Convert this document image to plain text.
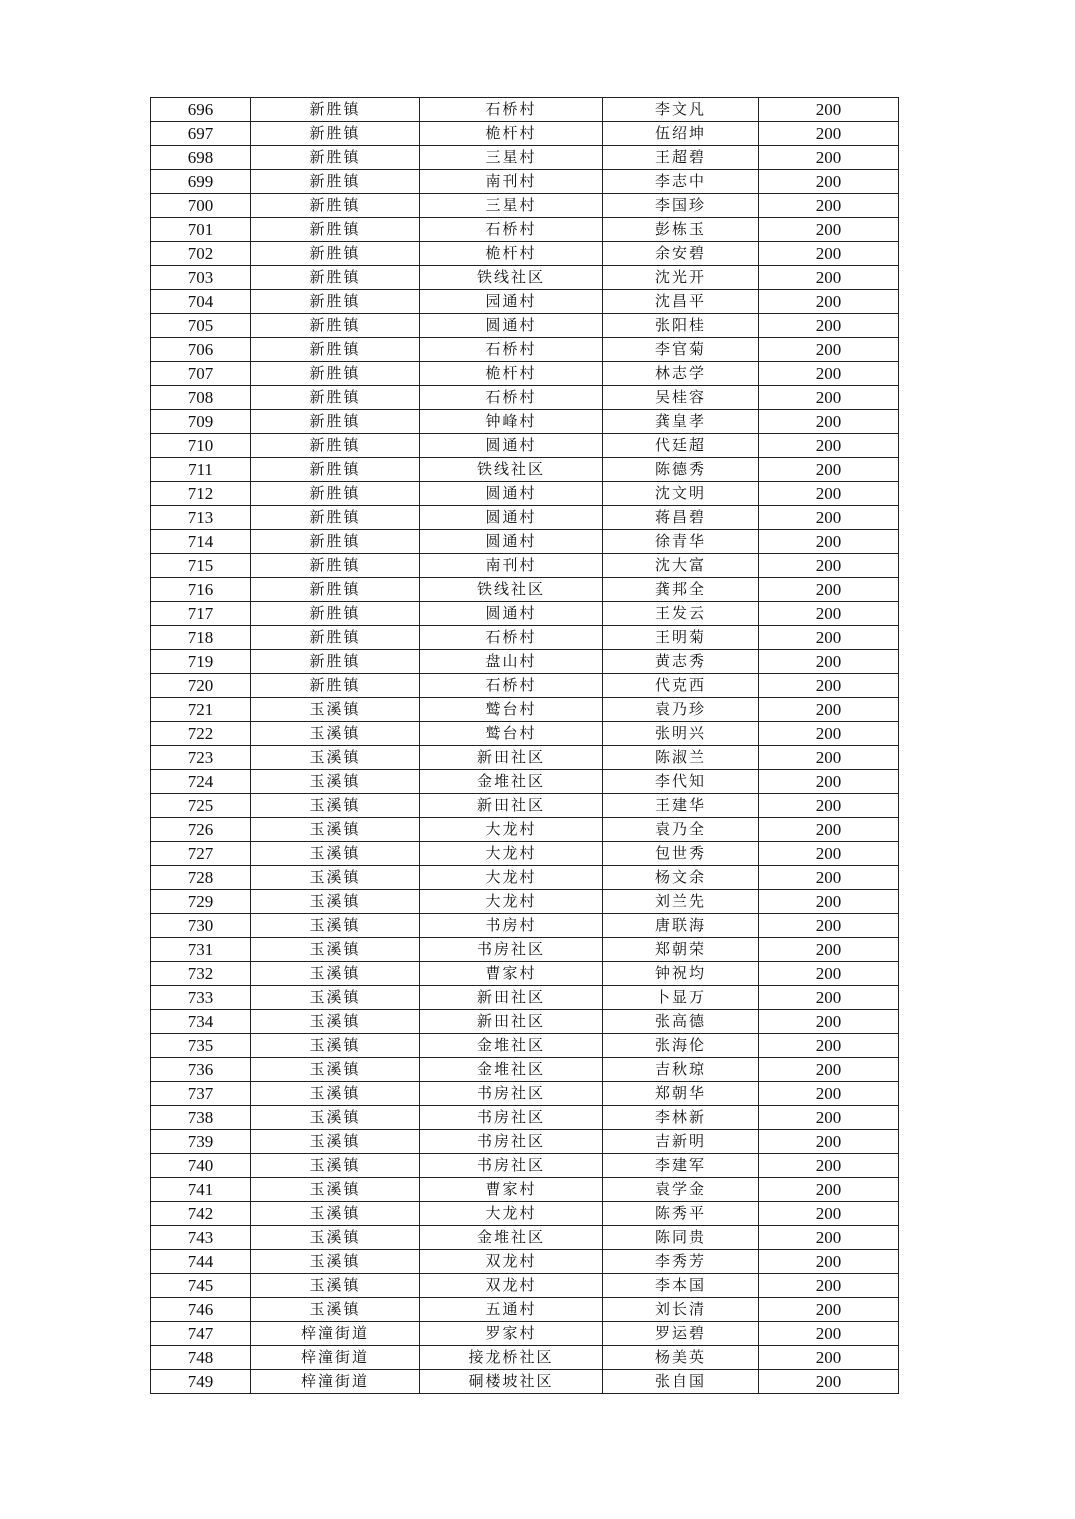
696	新胜镇	石桥村	李文凡	200
697	新胜镇	桅杆村	伍绍坤	200
698	新胜镇	三星村	王超碧	200
699	新胜镇	南刊村	李志中	200
700	新胜镇	三星村	李国珍	200
701	新胜镇	石桥村	彭栋玉	200
702	新胜镇	桅杆村	余安碧	200
703	新胜镇	铁线社区	沈光开	200
704	新胜镇	园通村	沈昌平	200
705	新胜镇	圆通村	张阳桂	200
706	新胜镇	石桥村	李官菊	200
707	新胜镇	桅杆村	林志学	200
708	新胜镇	石桥村	吴桂容	200
709	新胜镇	钟峰村	龚皇孝	200
710	新胜镇	圆通村	代廷超	200
711	新胜镇	铁线社区	陈德秀	200
712	新胜镇	圆通村	沈文明	200
713	新胜镇	圆通村	蒋昌碧	200
714	新胜镇	圆通村	徐青华	200
715	新胜镇	南刊村	沈大富	200
716	新胜镇	铁线社区	龚邦全	200
717	新胜镇	圆通村	王发云	200
718	新胜镇	石桥村	王明菊	200
719	新胜镇	盘山村	黄志秀	200
720	新胜镇	石桥村	代克西	200
721	玉溪镇	鹫台村	袁乃珍	200
722	玉溪镇	鹫台村	张明兴	200
723	玉溪镇	新田社区	陈淑兰	200
724	玉溪镇	金堆社区	李代知	200
725	玉溪镇	新田社区	王建华	200
726	玉溪镇	大龙村	袁乃全	200
727	玉溪镇	大龙村	包世秀	200
728	玉溪镇	大龙村	杨文余	200
729	玉溪镇	大龙村	刘兰先	200
730	玉溪镇	书房村	唐联海	200
731	玉溪镇	书房社区	郑朝荣	200
732	玉溪镇	曹家村	钟祝均	200
733	玉溪镇	新田社区	卜显万	200
734	玉溪镇	新田社区	张高德	200
735	玉溪镇	金堆社区	张海伦	200
736	玉溪镇	金堆社区	吉秋琼	200
737	玉溪镇	书房社区	郑朝华	200
738	玉溪镇	书房社区	李林新	200
739	玉溪镇	书房社区	吉新明	200
740	玉溪镇	书房社区	李建军	200
741	玉溪镇	曹家村	袁学金	200
742	玉溪镇	大龙村	陈秀平	200
743	玉溪镇	金堆社区	陈同贵	200
744	玉溪镇	双龙村	李秀芳	200
745	玉溪镇	双龙村	李本国	200
746	玉溪镇	五通村	刘长清	200
747	梓潼街道	罗家村	罗运碧	200
748	梓潼街道	接龙桥社区	杨美英	200
749	梓潼街道	硐楼坡社区	张自国	200
